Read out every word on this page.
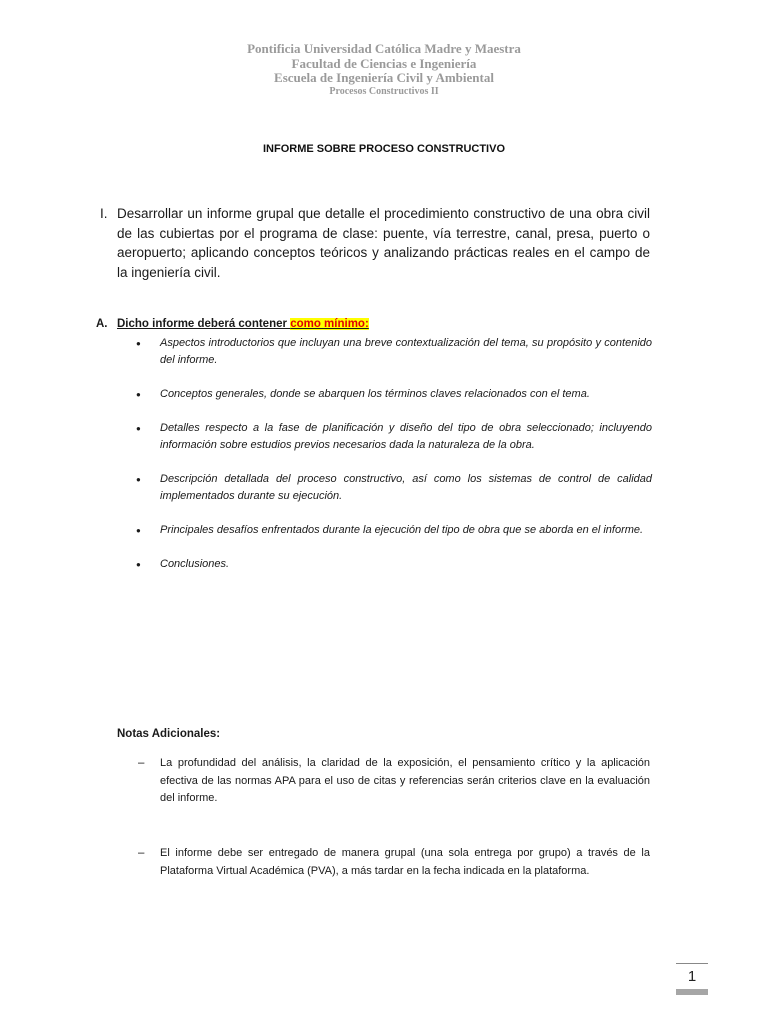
Pontificia Universidad Católica Madre y Maestra
Facultad de Ciencias e Ingeniería
Escuela de Ingeniería Civil y Ambiental
Procesos Constructivos II
INFORME SOBRE PROCESO CONSTRUCTIVO
I. Desarrollar un informe grupal que detalle el procedimiento constructivo de una obra civil de las cubiertas por el programa de clase: puente, vía terrestre, canal, presa, puerto o aeropuerto; aplicando conceptos teóricos y analizando prácticas reales en el campo de la ingeniería civil.
A. Dicho informe deberá contener como mínimo:
● Aspectos introductorios que incluyan una breve contextualización del tema, su propósito y contenido del informe.
● Conceptos generales, donde se abarquen los términos claves relacionados con el tema.
● Detalles respecto a la fase de planificación y diseño del tipo de obra seleccionado; incluyendo información sobre estudios previos necesarios dada la naturaleza de la obra.
● Descripción detallada del proceso constructivo, así como los sistemas de control de calidad implementados durante su ejecución.
● Principales desafíos enfrentados durante la ejecución del tipo de obra que se aborda en el informe.
● Conclusiones.
Notas Adicionales:
– La profundidad del análisis, la claridad de la exposición, el pensamiento crítico y la aplicación efectiva de las normas APA para el uso de citas y referencias serán criterios clave en la evaluación del informe.
– El informe debe ser entregado de manera grupal (una sola entrega por grupo) a través de la Plataforma Virtual Académica (PVA), a más tardar en la fecha indicada en la plataforma.
1
